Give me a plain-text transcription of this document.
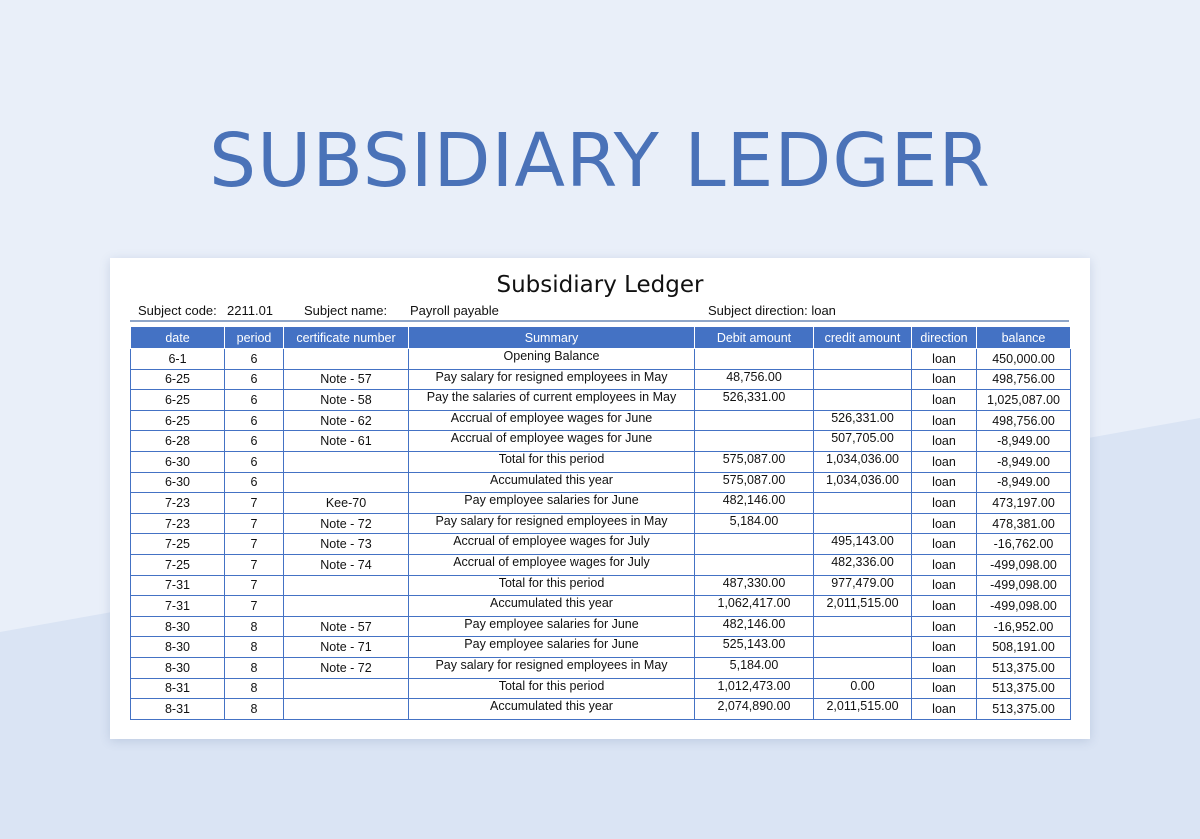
SUBSIDIARY LEDGER
Subsidiary Ledger
Subject code: 2211.01 Subject name: Payroll payable	Subject direction: loan
date	period	certificate number	Summary	Debit amount	credit amount	direction	balance
6-1	6		Opening Balance			loan	450,000.00
6-25	6	Note - 57	Pay salary for resigned employees in May	48,756.00		loan	498,756.00
6-25	6	Note - 58	Pay the salaries of current employees in May	526,331.00		loan	1,025,087.00
6-25	6	Note - 62	Accrual of employee wages for June		526,331.00	loan	498,756.00
6-28	6	Note - 61	Accrual of employee wages for June		507,705.00	loan	-8,949.00
6-30	6		Total for this period	575,087.00	1,034,036.00	loan	-8,949.00
6-30	6		Accumulated this year	575,087.00	1,034,036.00	loan	-8,949.00
7-23	7	Kee-70	Pay employee salaries for June	482,146.00		loan	473,197.00
7-23	7	Note - 72	Pay salary for resigned employees in May	5,184.00		loan	478,381.00
7-25	7	Note - 73	Accrual of employee wages for July		495,143.00	loan	-16,762.00
7-25	7	Note - 74	Accrual of employee wages for July		482,336.00	loan	-499,098.00
7-31	7		Total for this period	487,330.00	977,479.00	loan	-499,098.00
7-31	7		Accumulated this year	1,062,417.00	2,011,515.00	loan	-499,098.00
8-30	8	Note - 57	Pay employee salaries for June	482,146.00		loan	-16,952.00
8-30	8	Note - 71	Pay employee salaries for June	525,143.00		loan	508,191.00
8-30	8	Note - 72	Pay salary for resigned employees in May	5,184.00		loan	513,375.00
8-31	8		Total for this period	1,012,473.00	0.00	loan	513,375.00
8-31	8		Accumulated this year	2,074,890.00	2,011,515.00	loan	513,375.00
